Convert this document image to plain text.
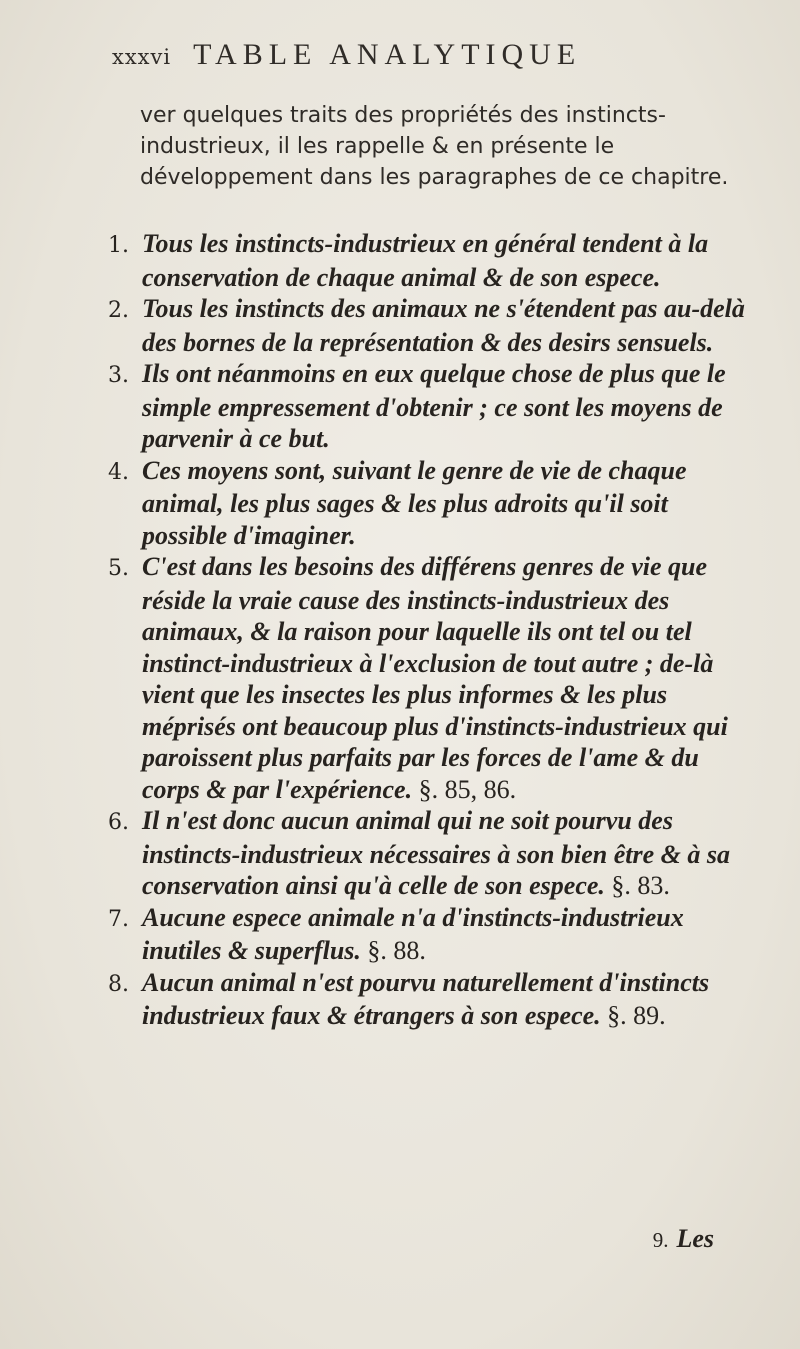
xxxvi TABLE ANALYTIQUE

ver quelques traits des propriétés des instincts-industrieux, il les rappelle & en présente le développement dans les paragraphes de ce chapitre.

1. Tous les instincts-industrieux en général tendent à la conservation de chaque animal & de son espece.

2. Tous les instincts des animaux ne s'étendent pas au-delà des bornes de la représentation & des desirs sensuels.

3. Ils ont néanmoins en eux quelque chose de plus que le simple empressement d'obtenir ; ce sont les moyens de parvenir à ce but.

4. Ces moyens sont, suivant le genre de vie de chaque animal, les plus sages & les plus adroits qu'il soit possible d'imaginer.

5. C'est dans les besoins des différens genres de vie que réside la vraie cause des instincts-industrieux des animaux, & la raison pour laquelle ils ont tel ou tel instinct-industrieux à l'exclusion de tout autre ; de-là vient que les insectes les plus informes & les plus méprisés ont beaucoup plus d'instincts-industrieux qui paroissent plus parfaits par les forces de l'ame & du corps & par l'expérience. §. 85, 86.

6. Il n'est donc aucun animal qui ne soit pourvu des instincts-industrieux nécessaires à son bien être & à sa conservation ainsi qu'à celle de son espece. §. 83.

7. Aucune espece animale n'a d'instincts-industrieux inutiles & superflus. §. 88.

8. Aucun animal n'est pourvu naturellement d'instincts industrieux faux & étrangers à son espece. §. 89.

9. Les
